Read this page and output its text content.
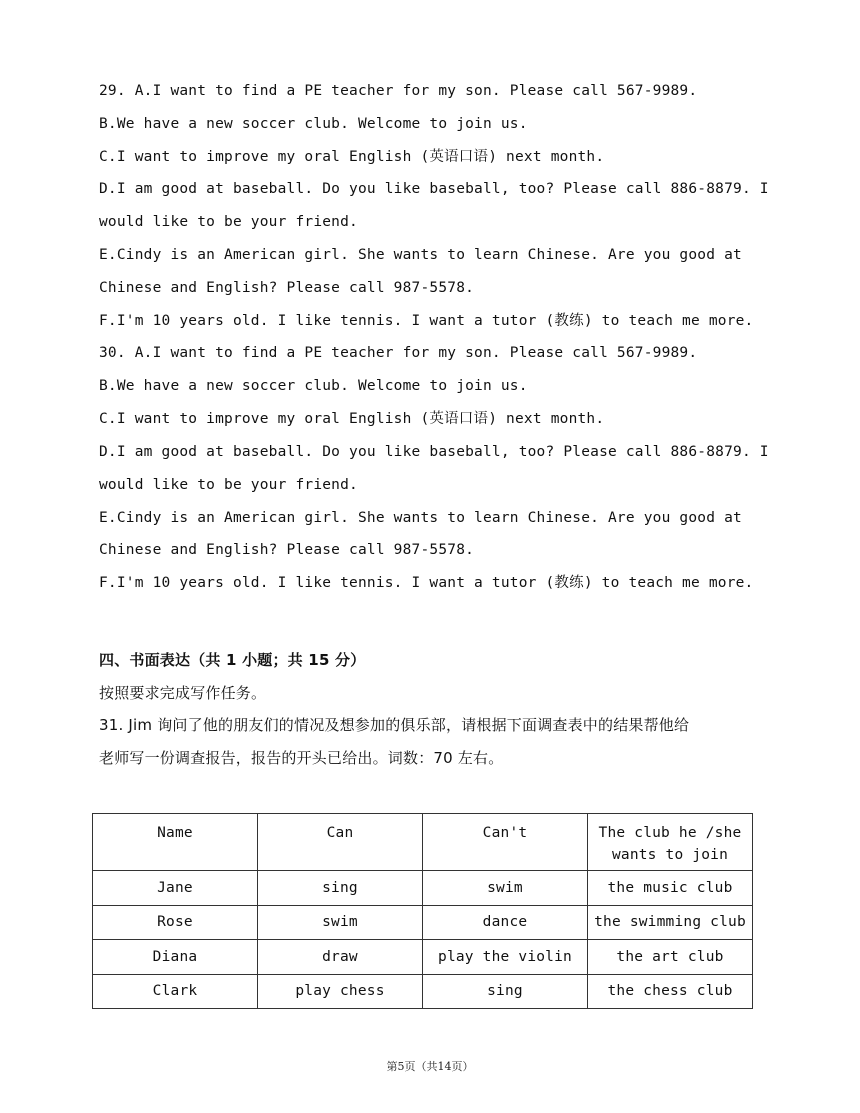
29. A.I want to find a PE teacher for my son. Please call 567-9989.
B.We have a new soccer club. Welcome to join us.
C.I want to improve my oral English (英语口语) next month.
D.I am good at baseball. Do you like baseball, too? Please call 886-8879. I
would like to be your friend.
E.Cindy is an American girl. She wants to learn Chinese. Are you good at
Chinese and English? Please call 987-5578.
F.I'm 10 years old. I like tennis. I want a tutor (教练) to teach me more.
30. A.I want to find a PE teacher for my son. Please call 567-9989.
B.We have a new soccer club. Welcome to join us.
C.I want to improve my oral English (英语口语) next month.
D.I am good at baseball. Do you like baseball, too? Please call 886-8879. I
would like to be your friend.
E.Cindy is an American girl. She wants to learn Chinese. Are you good at
Chinese and English? Please call 987-5578.
F.I'm 10 years old. I like tennis. I want a tutor (教练) to teach me more.
四、书面表达（共 1 小题；共 15 分）
按照要求完成写作任务。
31. Jim 询问了他的朋友们的情况及想参加的俱乐部，请根据下面调查表中的结果帮他给
老师写一份调查报告，报告的开头已给出。词数：70 左右。
Name	Can	Can't	The club he /she wants to join
Jane	sing	swim	the music club
Rose	swim	dance	the swimming club
Diana	draw	play the violin	the art club
Clark	play chess	sing	the chess club
第5页（共14页）
